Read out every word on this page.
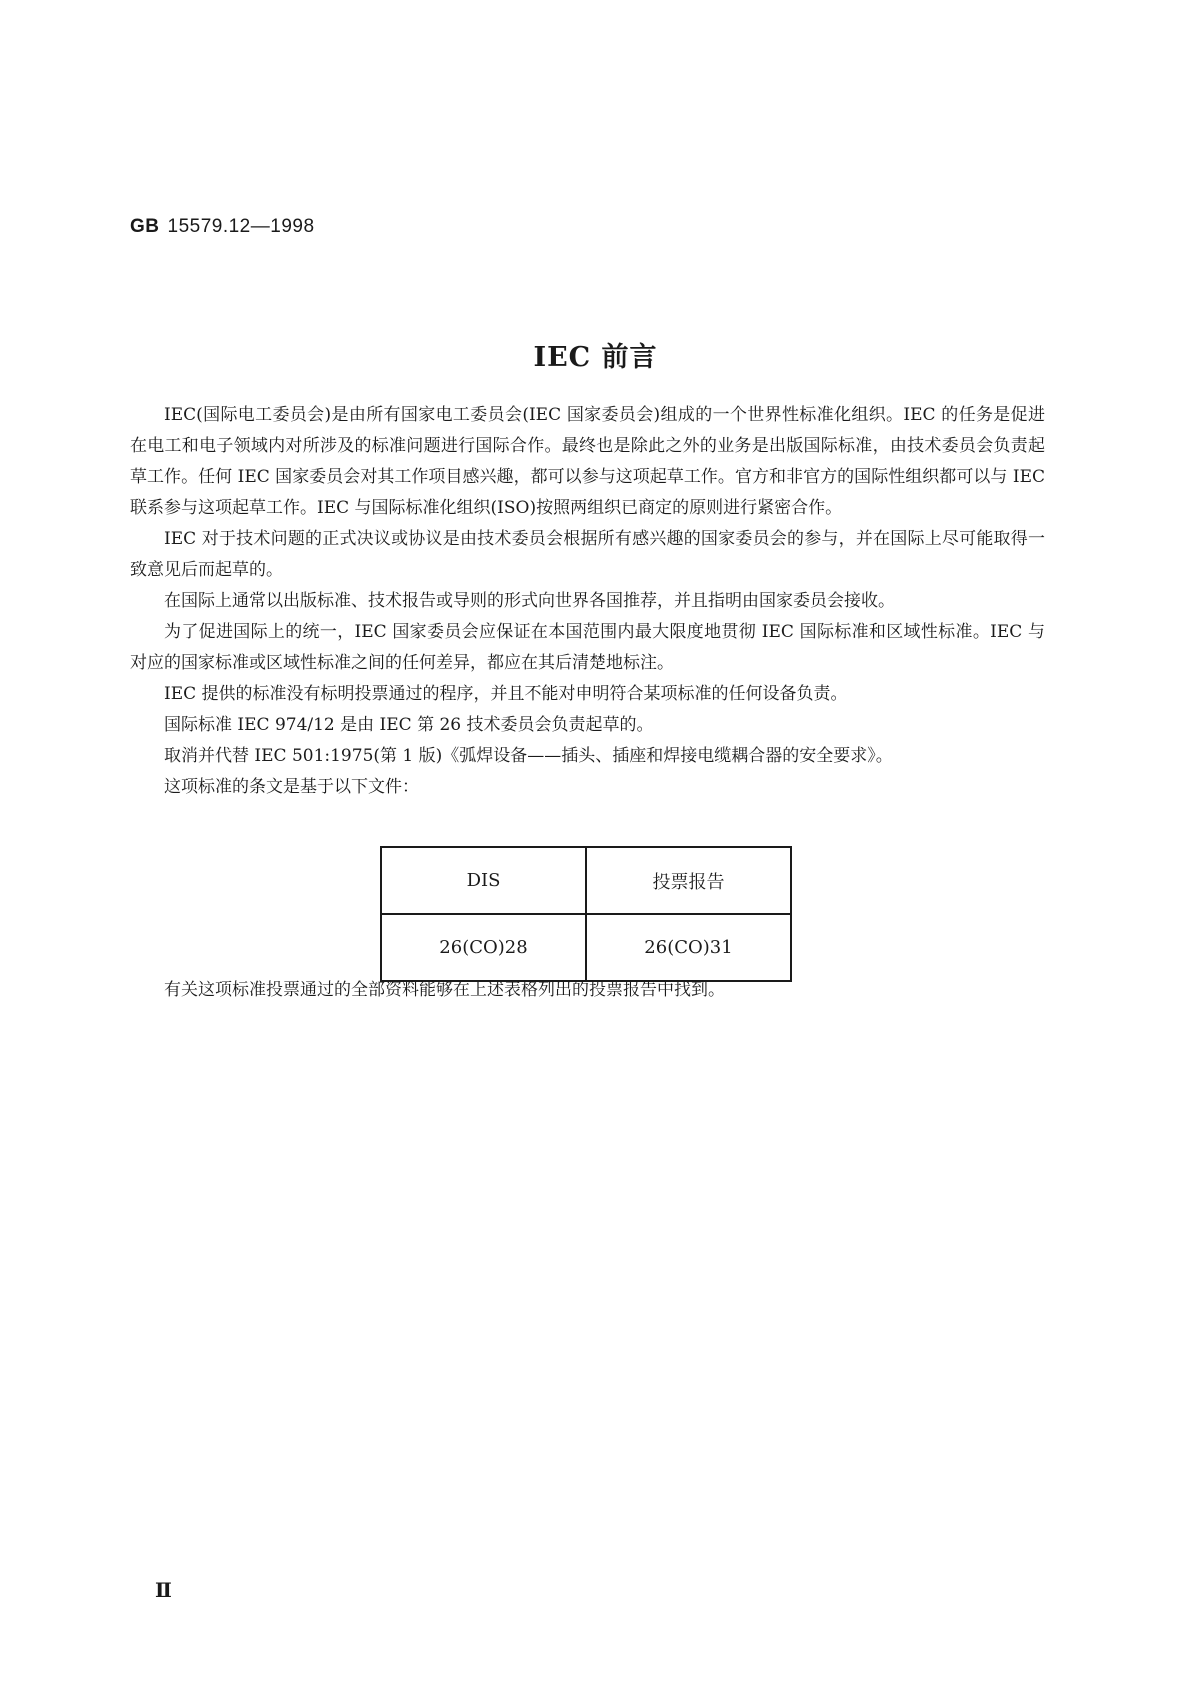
GB 15579.12—1998
IEC 前言

IEC(国际电工委员会)是由所有国家电工委员会(IEC 国家委员会)组成的一个世界性标准化组织。IEC 的任务是促进在电工和电子领域内对所涉及的标准问题进行国际合作。最终也是除此之外的业务是出版国际标准，由技术委员会负责起草工作。任何 IEC 国家委员会对其工作项目感兴趣，都可以参与这项起草工作。官方和非官方的国际性组织都可以与 IEC 联系参与这项起草工作。IEC 与国际标准化组织(ISO)按照两组织已商定的原则进行紧密合作。

IEC 对于技术问题的正式决议或协议是由技术委员会根据所有感兴趣的国家委员会的参与，并在国际上尽可能取得一致意见后而起草的。

在国际上通常以出版标准、技术报告或导则的形式向世界各国推荐，并且指明由国家委员会接收。

为了促进国际上的统一，IEC 国家委员会应保证在本国范围内最大限度地贯彻 IEC 国际标准和区域性标准。IEC 与对应的国家标准或区域性标准之间的任何差异，都应在其后清楚地标注。

IEC 提供的标准没有标明投票通过的程序，并且不能对申明符合某项标准的任何设备负责。

国际标准 IEC 974/12 是由 IEC 第 26 技术委员会负责起草的。

取消并代替 IEC 501:1975(第 1 版)《弧焊设备——插头、插座和焊接电缆耦合器的安全要求》。

这项标准的条文是基于以下文件：

DIS	投票报告
26(CO)28	26(CO)31
有关这项标准投票通过的全部资料能够在上述表格列出的投票报告中找到。
Ⅱ
